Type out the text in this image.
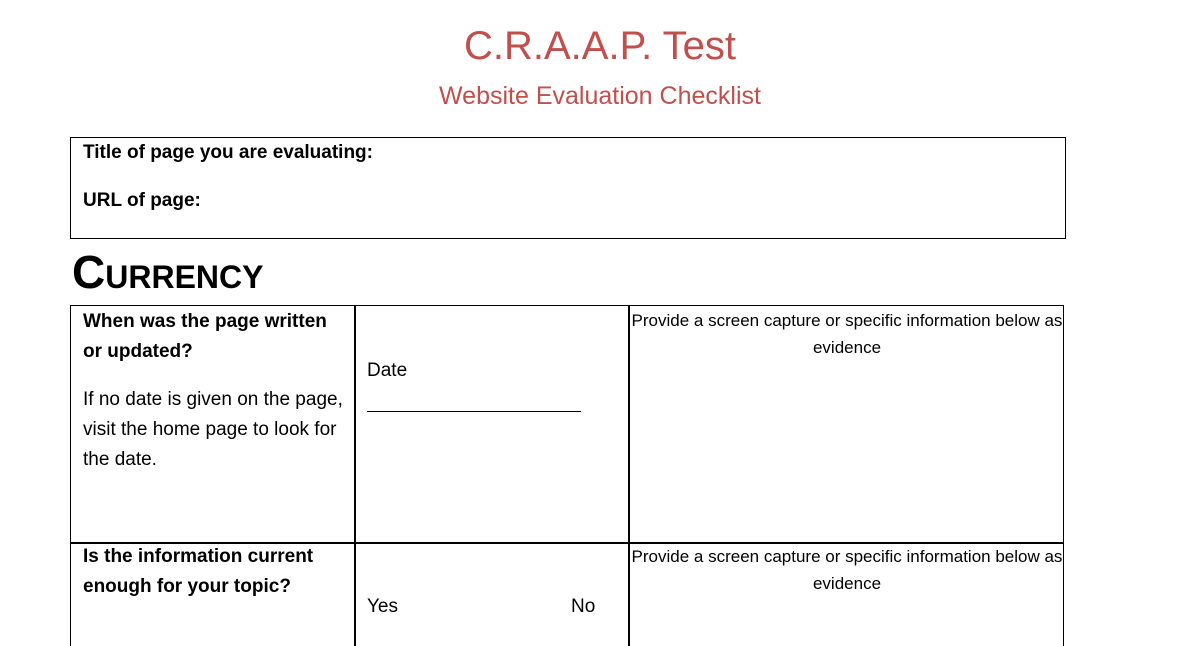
C.R.A.A.P. Test
Website Evaluation Checklist
Title of page you are evaluating:
URL of page:
CURRENCY
When was the page written or updated?
If no date is given on the page, visit the home page to look for the date.
Date
Provide a screen capture or specific information below as evidence
Is the information current enough for your topic?
Yes	No
Provide a screen capture or specific information below as evidence
